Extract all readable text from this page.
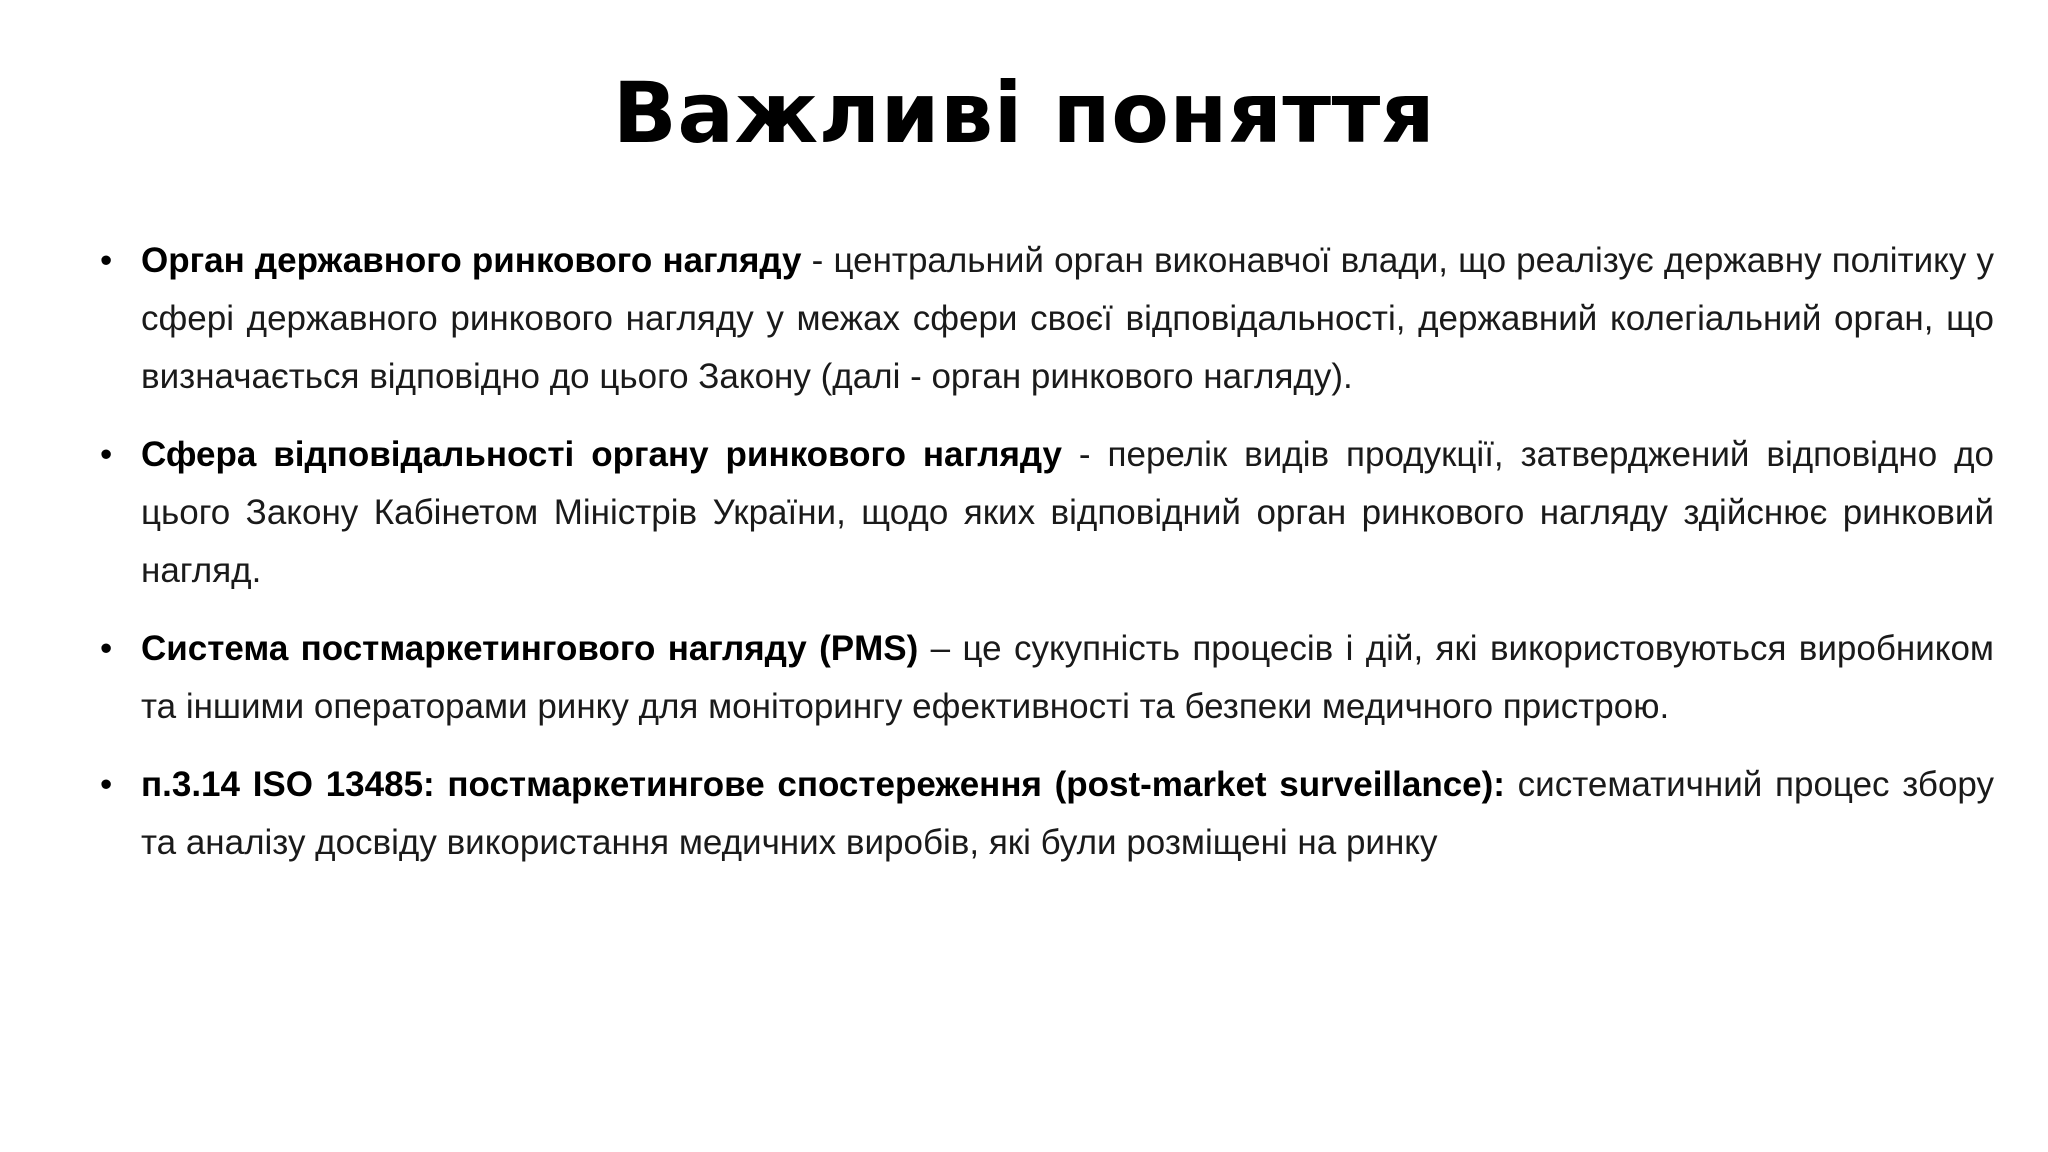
Важливі поняття
• Орган державного ринкового нагляду - центральний орган виконавчої влади, що реалізує державну політику у сфері державного ринкового нагляду у межах сфери своєї відповідальності, державний колегіальний орган, що визначається відповідно до цього Закону (далі - орган ринкового нагляду).
• Сфера відповідальності органу ринкового нагляду - перелік видів продукції, затверджений відповідно до цього Закону Кабінетом Міністрів України, щодо яких відповідний орган ринкового нагляду здійснює ринковий нагляд.
• Система постмаркетингового нагляду (PMS) – це сукупність процесів і дій, які використовуються виробником та іншими операторами ринку для моніторингу ефективності та безпеки медичного пристрою.
• п.3.14 ISO 13485: постмаркетингове спостереження (post-market surveillance): систематичний процес збору та аналізу досвіду використання медичних виробів, які були розміщені на ринку
